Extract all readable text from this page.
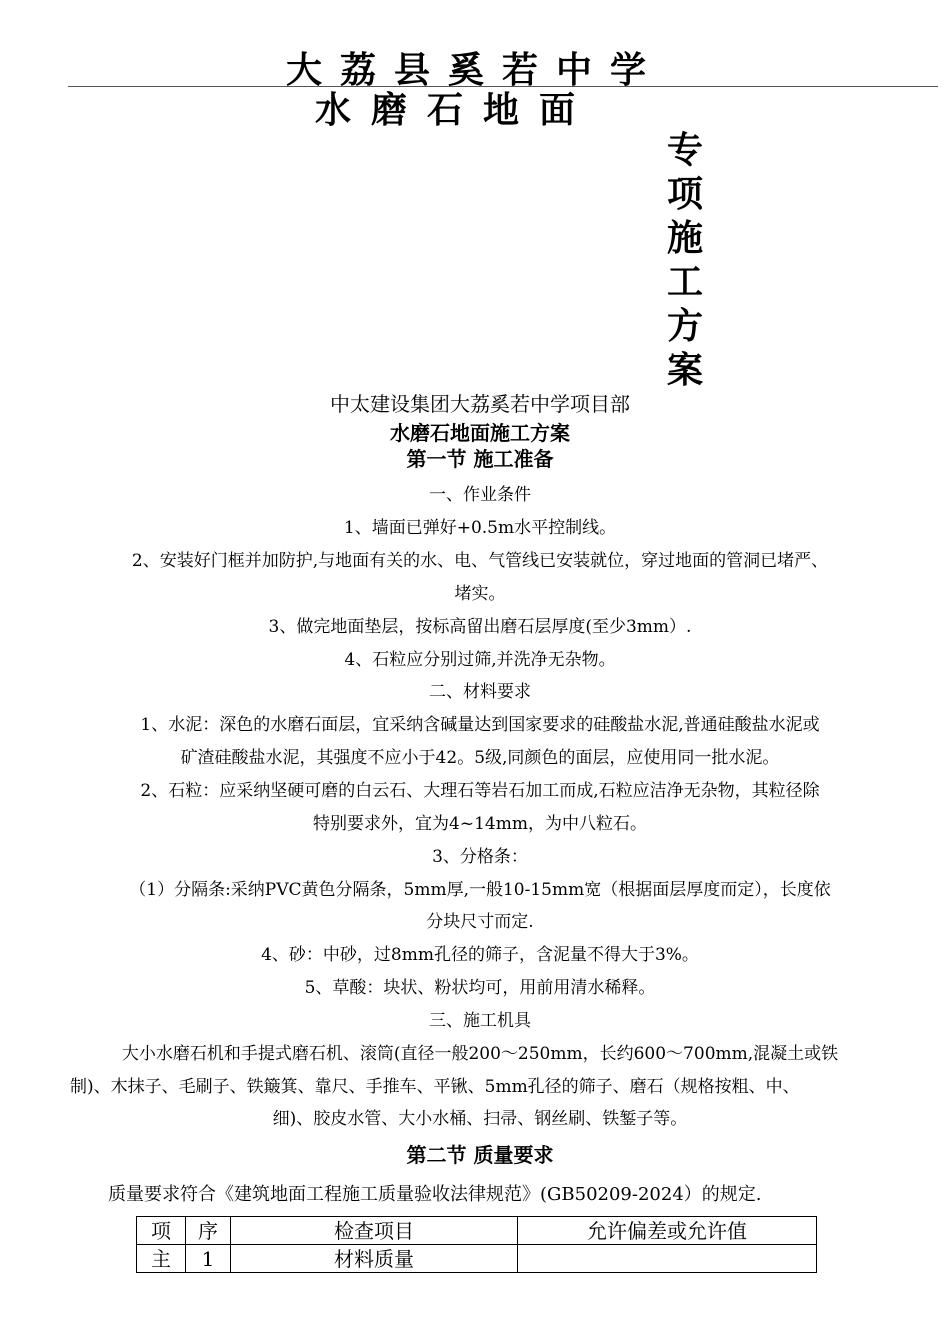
大荔县奚若中学
水磨石地面
专项施工方案
中太建设集团大荔奚若中学项目部
水磨石地面施工方案
第一节 施工准备
一、作业条件
1、墙面已弹好+0.5m水平控制线。
2、安装好门框并加防护,与地面有关的水、电、气管线已安装就位，穿过地面的管洞已堵严、
堵实。
3、做完地面垫层，按标高留出磨石层厚度(至少3mm）.
4、石粒应分别过筛,并洗净无杂物。
二、材料要求
1、水泥：深色的水磨石面层，宜采纳含碱量达到国家要求的硅酸盐水泥,普通硅酸盐水泥或
矿渣硅酸盐水泥，其强度不应小于42。5级,同颜色的面层，应使用同一批水泥。
2、石粒：应采纳坚硬可磨的白云石、大理石等岩石加工而成,石粒应洁净无杂物，其粒径除
特别要求外，宜为4~14mm，为中八粒石。
3、分格条：
（1）分隔条:采纳PVC黄色分隔条，5mm厚,一般10-15mm宽（根据面层厚度而定），长度依
分块尺寸而定.
4、砂：中砂，过8mm孔径的筛子，含泥量不得大于3%。
5、草酸：块状、粉状均可，用前用清水稀释。
三、施工机具
大小水磨石机和手提式磨石机、滚筒(直径一般200～250mm，长约600～700mm,混凝土或铁
制)、木抹子、毛刷子、铁簸箕、靠尺、手推车、平锹、5mm孔径的筛子、磨石（规格按粗、中、
细)、胶皮水管、大小水桶、扫帚、钢丝刷、铁錾子等。
第二节 质量要求
质量要求符合《建筑地面工程施工质量验收法律规范》(GB50209-2024）的规定.
项	序	检查项目	允许偏差或允许值
主	1	材料质量	
